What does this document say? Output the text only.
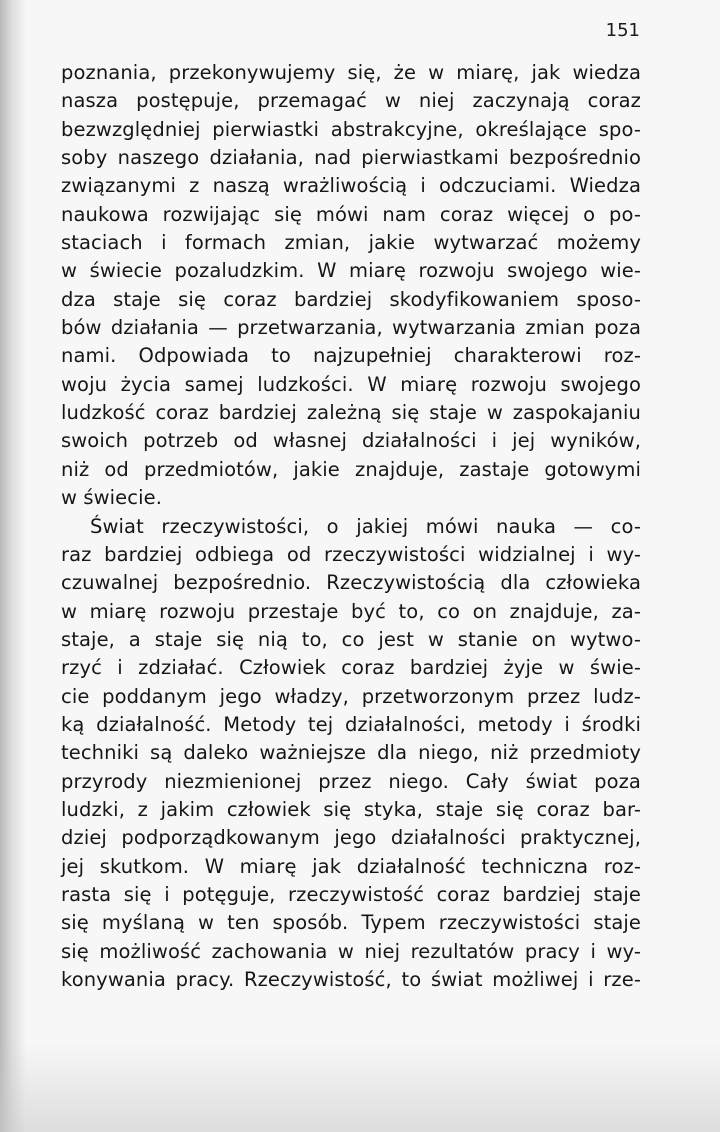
151
poznania, przekonywujemy się, że w miarę, jak wiedza
nasza postępuje, przemagać w niej zaczynają coraz
bezwzględniej pierwiastki abstrakcyjne, określające spo-
soby naszego działania, nad pierwiastkami bezpośrednio
związanymi z naszą wrażliwością i odczuciami. Wiedza
naukowa rozwijając się mówi nam coraz więcej o po-
staciach i formach zmian, jakie wytwarzać możemy
w świecie pozaludzkim. W miarę rozwoju swojego wie-
dza staje się coraz bardziej skodyfikowaniem sposo-
bów działania — przetwarzania, wytwarzania zmian poza
nami. Odpowiada to najzupełniej charakterowi roz-
woju życia samej ludzkości. W miarę rozwoju swojego
ludzkość coraz bardziej zależną się staje w zaspokajaniu
swoich potrzeb od własnej działalności i jej wyników,
niż od przedmiotów, jakie znajduje, zastaje gotowymi
w świecie.
Świat rzeczywistości, o jakiej mówi nauka — co-
raz bardziej odbiega od rzeczywistości widzialnej i wy-
czuwalnej bezpośrednio. Rzeczywistością dla człowieka
w miarę rozwoju przestaje być to, co on znajduje, za-
staje, a staje się nią to, co jest w stanie on wytwo-
rzyć i zdziałać. Człowiek coraz bardziej żyje w świe-
cie poddanym jego władzy, przetworzonym przez ludz-
ką działalność. Metody tej działalności, metody i środki
techniki są daleko ważniejsze dla niego, niż przedmioty
przyrody niezmienionej przez niego. Cały świat poza
ludzki, z jakim człowiek się styka, staje się coraz bar-
dziej podporządkowanym jego działalności praktycznej,
jej skutkom. W miarę jak działalność techniczna roz-
rasta się i potęguje, rzeczywistość coraz bardziej staje
się myślaną w ten sposób. Typem rzeczywistości staje
się możliwość zachowania w niej rezultatów pracy i wy-
konywania pracy. Rzeczywistość, to świat możliwej i rze-
